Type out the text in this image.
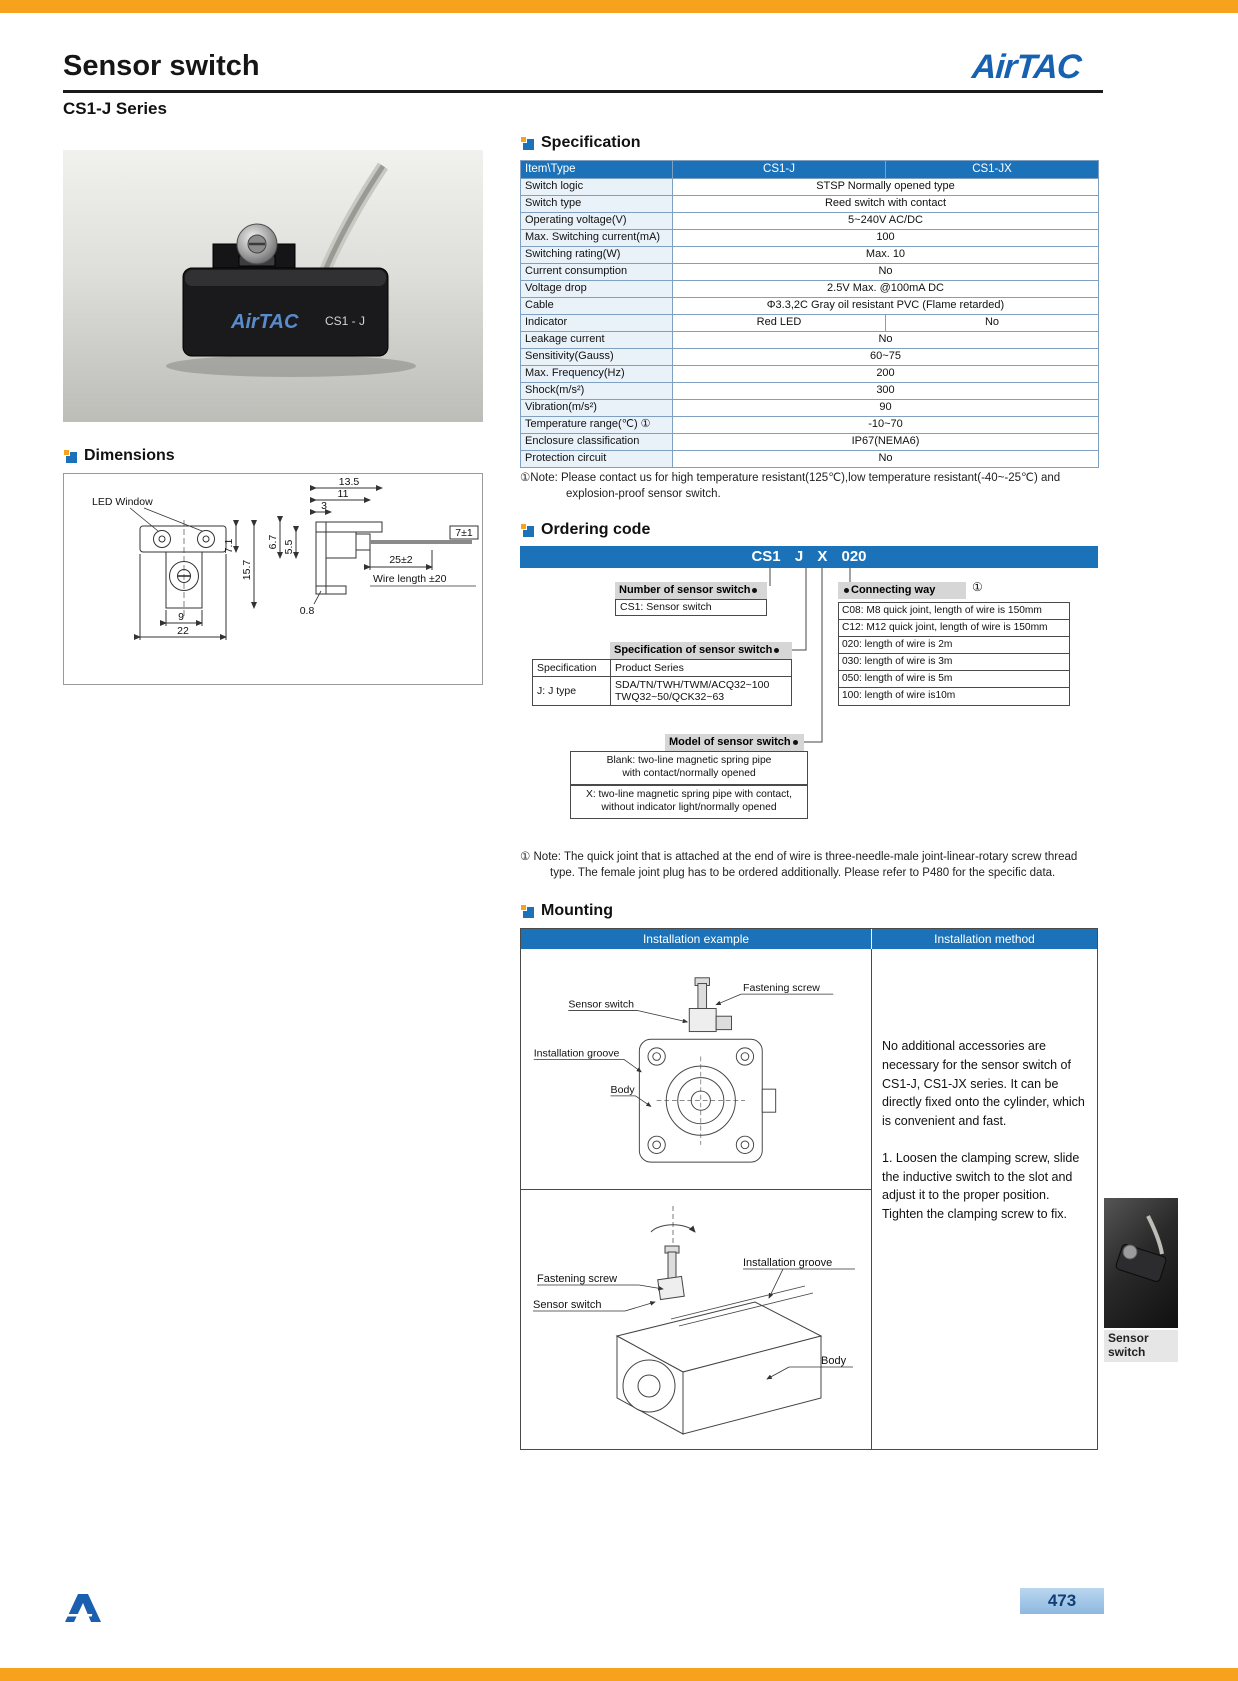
Sensor switch	AirTAC
CS1-J Series
AirTAC CS1 - J
Specification
Item\Type	CS1-J	CS1-JX
Switch logic	STSP Normally opened type	
Switch type	Reed switch with contact	
Operating voltage(V)	5~240V AC/DC	
Max. Switching current(mA)	100	
Switching rating(W)	Max. 10	
Current consumption	No	
Voltage drop	2.5V Max. @100mA DC	
Cable	Φ3.3,2C Gray oil resistant PVC (Flame retarded)	
Indicator	Red LED	No
Leakage current	No	
Sensitivity(Gauss)	60~75	
Max. Frequency(Hz)	200	
Shock(m/s²)	300	
Vibration(m/s²)	90	
Temperature range(℃) ①	-10~70	
Enclosure classification	IP67(NEMA6)	
Protection circuit	No	
①Note: Please contact us for high temperature resistant(125℃),low temperature resistant(-40~-25℃) and
explosion-proof sensor switch.
Dimensions
LED Window
9
22
7.1
15.7
6.7 5.5
13.5
11
3
0.8
25±2
Wire length ±20
7±1	Ordering code
CS1 J X 020
Number of sensor switch
CS1: Sensor switch
Connecting way	①
C08: M8 quick joint, length of wire is 150mm
C12: M12 quick joint, length of wire is 150mm
020: length of wire is 2m
030: length of wire is 3m
050: length of wire is 5m
100: length of wire is10m
Specification of sensor switch
Specification	Product Series
J: J type	SDA/TN/TWH/TWM/ACQ32~100
TWQ32~50/QCK32~63
Model of sensor switch
Blank: two-line magnetic spring pipe
with contact/normally opened
X: two-line magnetic spring pipe with contact,
without indicator light/normally opened
① Note: The quick joint that is attached at the end of wire is three-needle-male joint-linear-rotary screw thread
type. The female joint plug has to be ordered additionally. Please refer to P480 for the specific data.
Mounting
Installation example	Installation method
Sensor switch
Fastening screw
Installation groove
Body
Fastening screw
Sensor switch
Installation groove
Body

No additional accessories are necessary for the sensor switch of CS1-J, CS1-JX series. It can be directly fixed onto the cylinder, which is convenient and fast.

1. Loosen the clamping screw, slide the inductive switch to the slot and adjust it to the proper position. Tighten the clamping screw to fix.

Sensor switch
473
